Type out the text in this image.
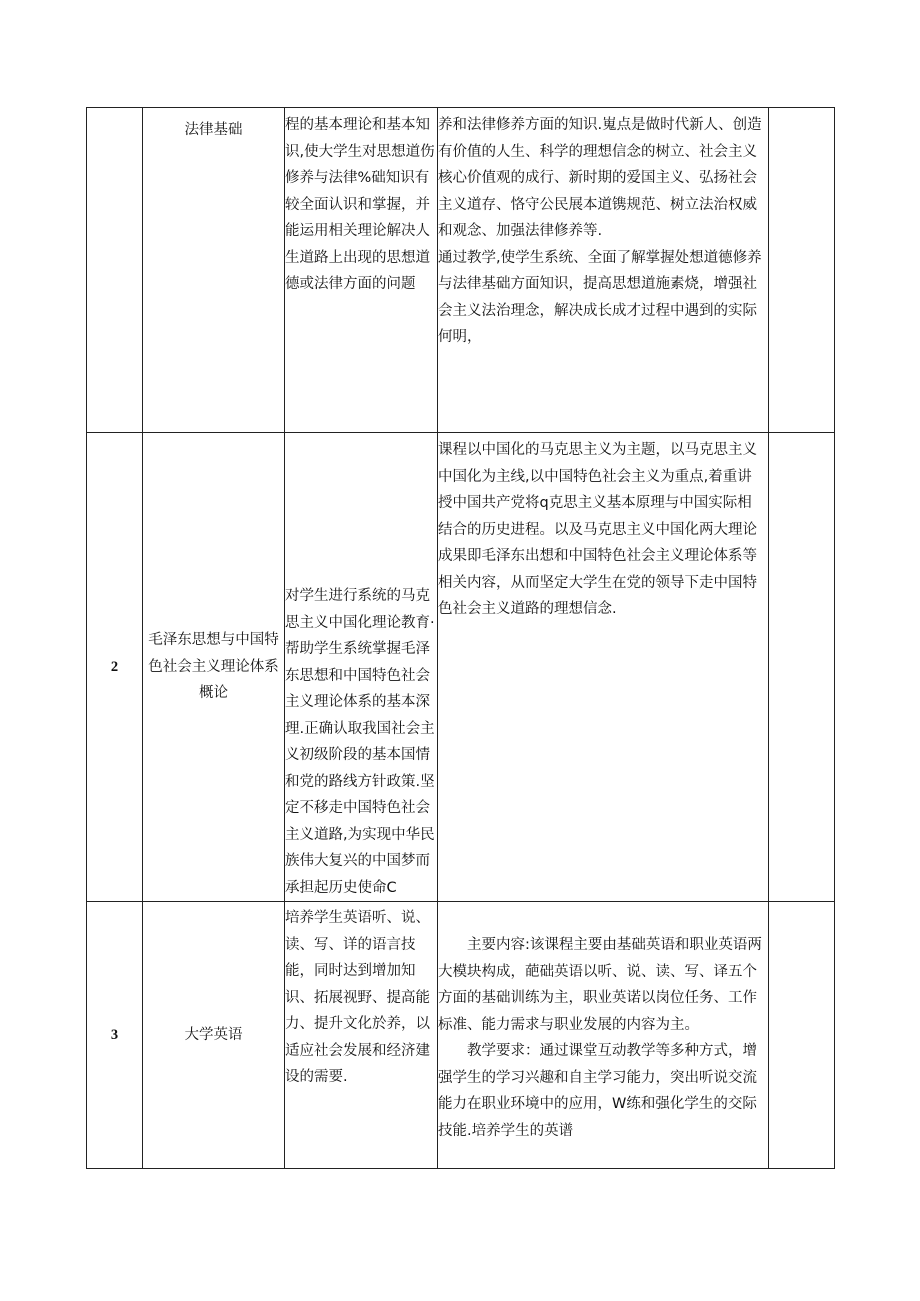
	法律基础	程的基本理论和基本知识,使大学生对思想道伤修养与法律%础知识有较全面认识和掌握，并能运用相关理论解决人生道路上出现的思想道德或法律方面的问题	养和法律修养方面的知识.嵬点是做时代新人、创造有价值的人生、科学的理想信念的树立、社会主义核心价值观的成行、新时期的爱国主义、弘扬社会主义道存、恪守公民展本道镌规范、树立法治权威和观念、加强法律修养等.
通过教学,使学生系统、全面了解掌握处想道德修养与法律基础方面知识，提高思想道施素烧，增强社会主义法治理念，解决成长成才过程中遇到的实际何明，	

2	毛泽东思想与中国特色社会主义理论体系概论	对学生进行系统的马克思主义中国化理论教育·帮助学生系统掌握毛泽东思想和中国特色社会主义理论体系的基本深理.正确认取我国社会主义初级阶段的基本国情和党的路线方针政策.坚定不移走中国特色社会主义道路,为实现中华民族伟大复兴的中国梦而承担起历史使命C	课程以中国化的马克思主义为主题，以马克思主义中国化为主线,以中国特色社会主义为重点,着重讲授中国共产党将q克思主义基本原理与中国实际相结合的历史进程。以及马克思主义中国化两大理论成果即毛泽东出想和中国特色社会主义理论体系等相关内容，从而坚定大学生在党的领导下走中国特色社会主义道路的理想信念.	

3	大学英语	培养学生英语听、说、读、写、详的语言技能，同时达到增加知识、拓展视野、提高能力、提升文化於养，以适应社会发展和经济建设的需要.	主要内容:该课程主要由基础英语和职业英语两大模块构成，葩础英语以听、说、读、写、译五个方面的基础训练为主，职业英诺以岗位任务、工作标准、能力需求与职业发展的内容为主。
教学要求：通过课堂互动教学等多种方式，增强学生的学习兴趣和自主学习能力，突出听说交流能力在职业环境中的应用，W练和强化学生的交际技能.培养学生的英谱	
